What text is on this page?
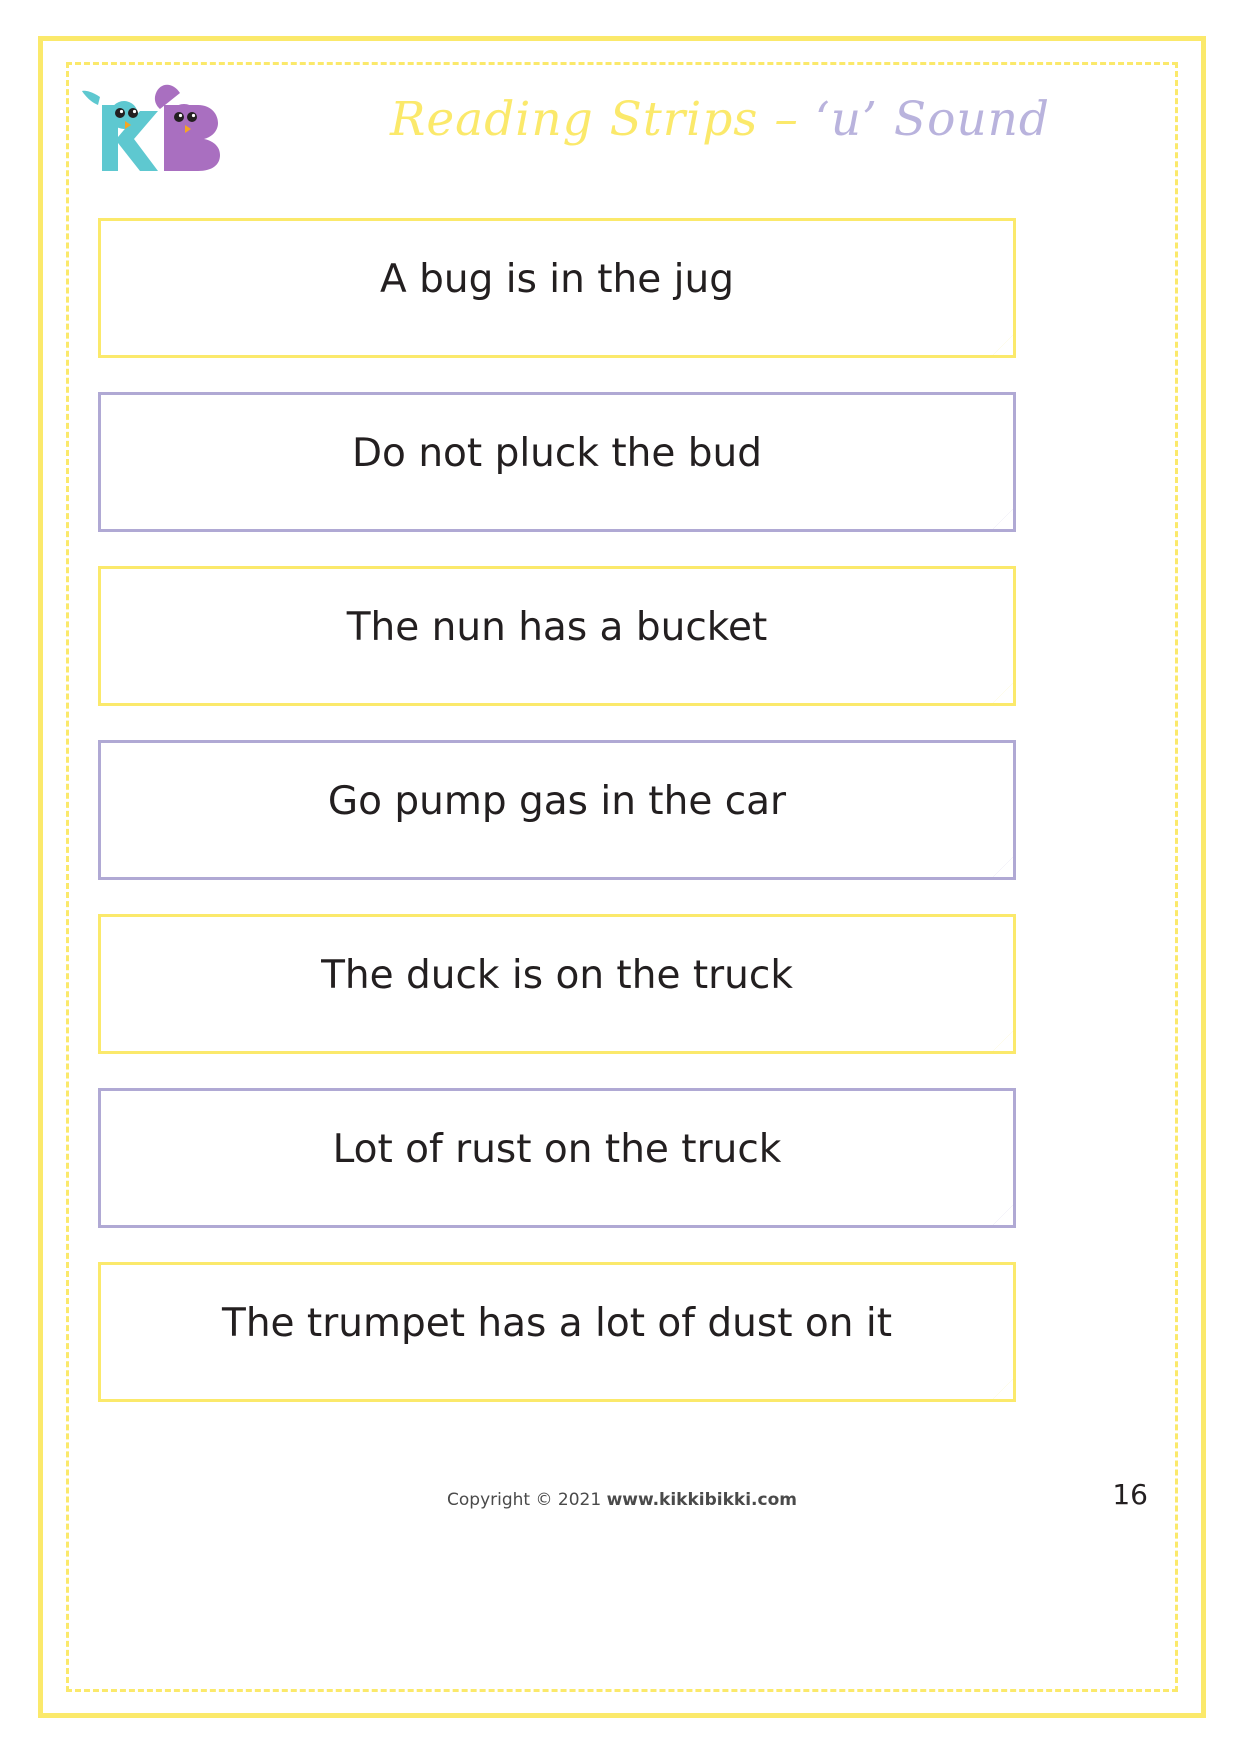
Reading Strips – ‘u’ Sound
A bug is in the jug
Do not pluck the bud
The nun has a bucket
Go pump gas in the car
The duck is on the truck
Lot of rust on the truck
The trumpet has a lot of dust on it
Copyright © 2021 www.kikkibikki.com	16
